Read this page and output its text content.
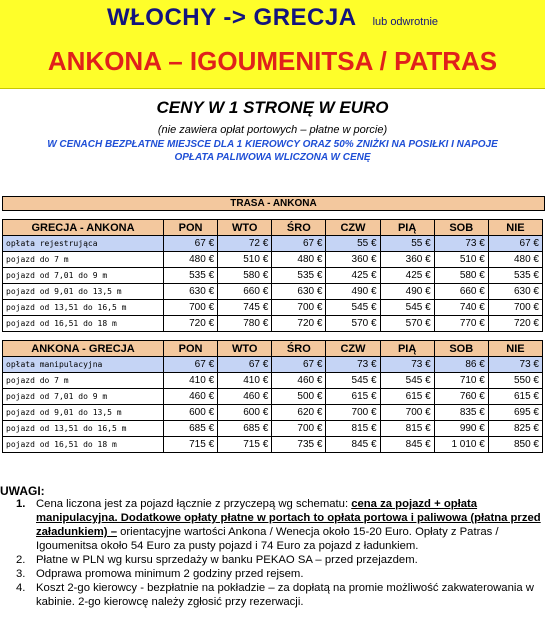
WŁOCHY -> GRECJA lub odwrotnie
ANKONA – IGOUMENITSA / PATRAS
CENY W 1 STRONĘ W EURO
(nie zawiera opłat portowych – płatne w porcie)
W CENACH BEZPŁATNE MIEJSCE DLA 1 KIEROWCY ORAZ 50% ZNIŻKI NA POSIŁKI I NAPOJE
OPŁATA PALIWOWA WLICZONA W CENĘ
TRASA - ANKONA
GRECJA - ANKONA	PON	WTO	ŚRO	CZW	PIĄ	SOB	NIE
opłata rejestrująca	67 €	72 €	67 €	55 €	55 €	73 €	67 €
pojazd do 7 m	480 €	510 €	480 €	360 €	360 €	510 €	480 €
pojazd od 7,01 do 9 m	535 €	580 €	535 €	425 €	425 €	580 €	535 €
pojazd od 9,01 do 13,5 m	630 €	660 €	630 €	490 €	490 €	660 €	630 €
pojazd od 13,51 do 16,5 m	700 €	745 €	700 €	545 €	545 €	740 €	700 €
pojazd od 16,51 do 18 m	720 €	780 €	720 €	570 €	570 €	770 €	720 €
ANKONA - GRECJA	PON	WTO	ŚRO	CZW	PIĄ	SOB	NIE
opłata manipulacyjna	67 €	67 €	67 €	73 €	73 €	86 €	73 €
pojazd do 7 m	410 €	410 €	460 €	545 €	545 €	710 €	550 €
pojazd od 7,01 do 9 m	460 €	460 €	500 €	615 €	615 €	760 €	615 €
pojazd od 9,01 do 13,5 m	600 €	600 €	620 €	700 €	700 €	835 €	695 €
pojazd od 13,51 do 16,5 m	685 €	685 €	700 €	815 €	815 €	990 €	825 €
pojazd od 16,51 do 18 m	715 €	715 €	735 €	845 €	845 €	1 010 €	850 €
UWAGI:
1. Cena liczona jest za pojazd łącznie z przyczepą wg schematu: cena za pojazd + opłata manipulacyjna. Dodatkowe opłaty płatne w portach to opłata portowa i paliwowa (płatna przed załadunkiem) – orientacyjne wartości Ankona / Wenecja około 15-20 Euro. Opłaty z Patras / Igoumenitsa około 54 Euro za pusty pojazd i 74 Euro za pojazd z ładunkiem.
2. Płatne w PLN wg kursu sprzedaży w banku PEKAO SA – przed przejazdem.
3. Odprawa promowa minimum 2 godziny przed rejsem.
4. Koszt 2-go kierowcy - bezpłatnie na pokładzie – za dopłatą na promie możliwość zakwaterowania w kabinie. 2-go kierowcę należy zgłosić przy rezerwacji.
